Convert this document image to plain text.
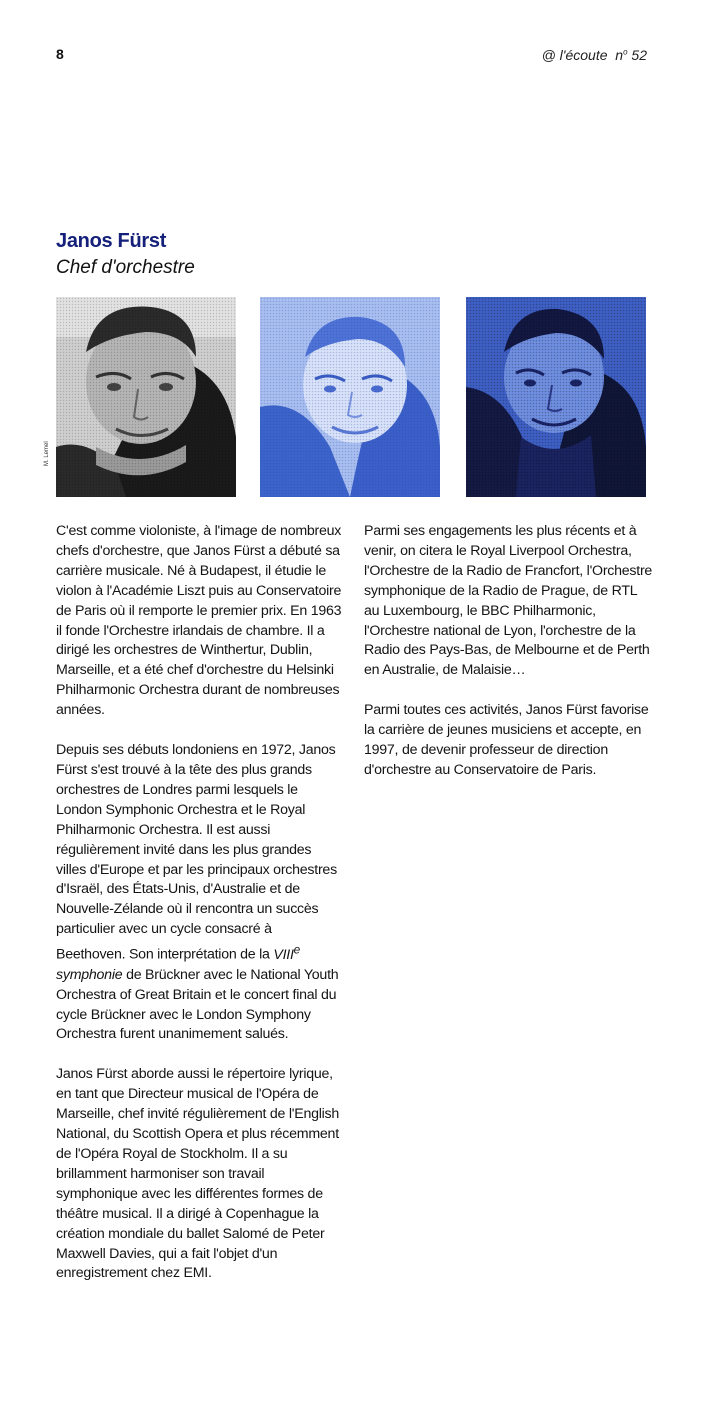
8	@ l'écoute $n^o$ 52
Janos Fürst
Chef d'orchestre
M. Lemel

C'est comme violoniste, à l'image de nombreux chefs d'orchestre, que Janos Fürst a débuté sa carrière musicale. Né à Budapest, il étudie le violon à l'Académie Liszt puis au Conservatoire de Paris où il remporte le premier prix. En 1963 il fonde l'Orchestre irlandais de chambre. Il a dirigé les orchestres de Winthertur, Dublin, Marseille, et a été chef d'orchestre du Helsinki Philharmonic Orchestra durant de nombreuses années.

Depuis ses débuts londoniens en 1972, Janos Fürst s'est trouvé à la tête des plus grands orchestres de Londres parmi lesquels le London Symphonic Orchestra et le Royal Philharmonic Orchestra. Il est aussi régulièrement invité dans les plus grandes villes d'Europe et par les principaux orchestres d'Israël, des États-Unis, d'Australie et de Nouvelle-Zélande où il rencontra un succès particulier avec un cycle consacré à Beethoven. Son interprétation de la VIIIe symphonie de Brückner avec le National Youth Orchestra of Great Britain et le concert final du cycle Brückner avec le London Symphony Orchestra furent unanimement salués.

Janos Fürst aborde aussi le répertoire lyrique, en tant que Directeur musical de l'Opéra de Marseille, chef invité régulièrement de l'English National, du Scottish Opera et plus récemment de l'Opéra Royal de Stockholm. Il a su brillamment harmoniser son travail symphonique avec les différentes formes de théâtre musical. Il a dirigé à Copenhague la création mondiale du ballet Salomé de Peter Maxwell Davies, qui a fait l'objet d'un enregistrement chez EMI.

Parmi ses engagements les plus récents et à venir, on citera le Royal Liverpool Orchestra, l'Orchestre de la Radio de Francfort, l'Orchestre symphonique de la Radio de Prague, de RTL au Luxembourg, le BBC Philharmonic, l'Orchestre national de Lyon, l'orchestre de la Radio des Pays-Bas, de Melbourne et de Perth en Australie, de Malaisie…

Parmi toutes ces activités, Janos Fürst favorise la carrière de jeunes musiciens et accepte, en 1997, de devenir professeur de direction d'orchestre au Conservatoire de Paris.
